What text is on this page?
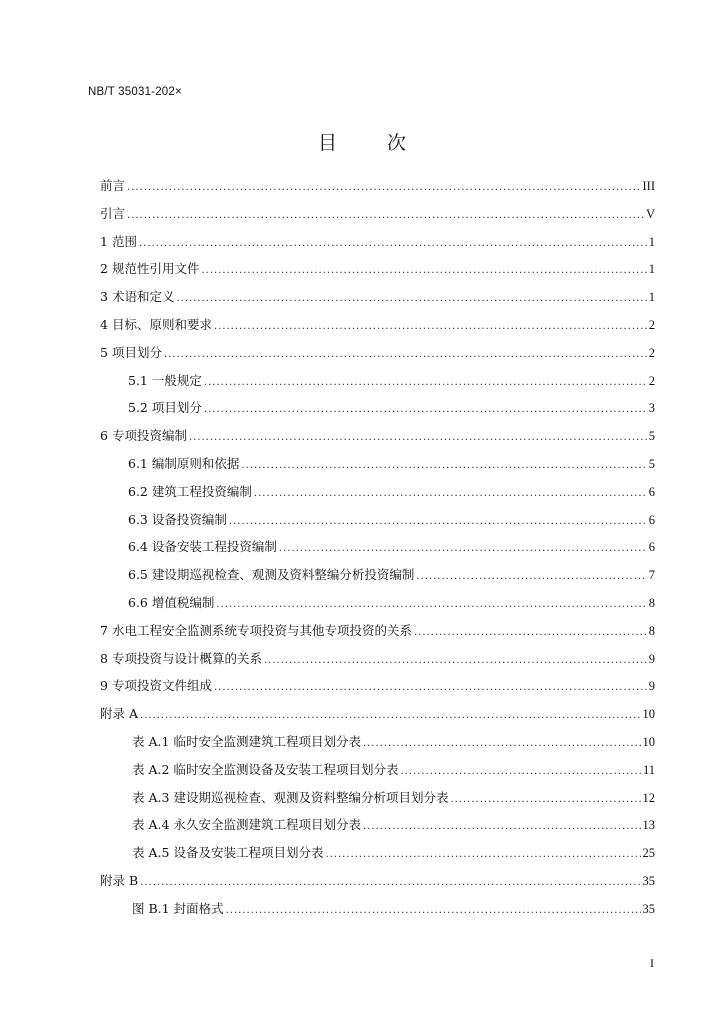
NB/T 35031-202×
目 次
前言 .....	III
引言 .....	V
1 范围 .....	1
2 规范性引用文件 .....	1
3 术语和定义 .....	1
4 目标、原则和要求 .....	2
5 项目划分 .....	2
5.1 一般规定 .....	2
5.2 项目划分 .....	3
6 专项投资编制 .....	5
6.1 编制原则和依据 .....	5
6.2 建筑工程投资编制 .....	6
6.3 设备投资编制 .....	6
6.4 设备安装工程投资编制 .....	6
6.5 建设期巡视检查、观测及资料整编分析投资编制 .....	7
6.6 增值税编制 .....	8
7 水电工程安全监测系统专项投资与其他专项投资的关系 .....	8
8 专项投资与设计概算的关系 .....	9
9 专项投资文件组成 .....	9
附录 A .....	10
表 A.1 临时安全监测建筑工程项目划分表 .....	10
表 A.2 临时安全监测设备及安装工程项目划分表 .....	11
表 A.3 建设期巡视检查、观测及资料整编分析项目划分表 .....	12
表 A.4 永久安全监测建筑工程项目划分表 .....	13
表 A.5 设备及安装工程项目划分表 .....	25
附录 B .....	35
图 B.1 封面格式 .....	35
I
